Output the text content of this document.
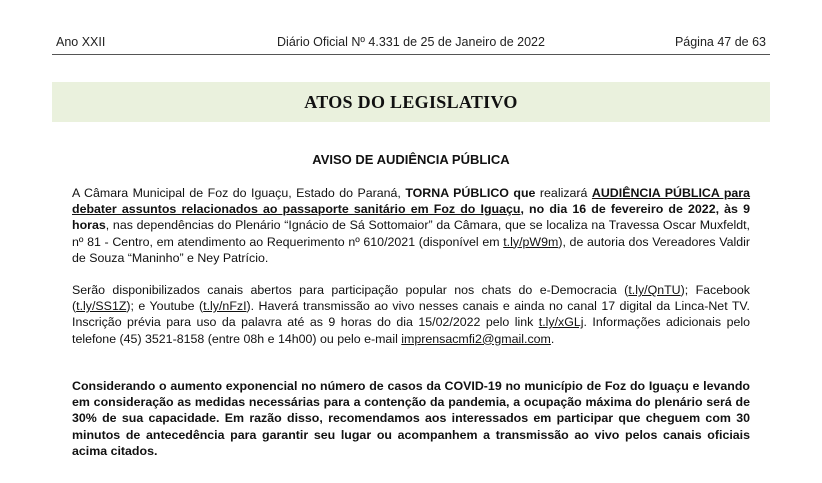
Ano XXII	Diário Oficial Nº 4.331 de 25 de Janeiro de 2022	Página 47 de 63
ATOS DO LEGISLATIVO
AVISO DE AUDIÊNCIA PÚBLICA
A Câmara Municipal de Foz do Iguaçu, Estado do Paraná, TORNA PÚBLICO que realizará AUDIÊNCIA PÚBLICA para debater assuntos relacionados ao passaporte sanitário em Foz do Iguaçu, no dia 16 de fevereiro de 2022, às 9 horas, nas dependências do Plenário “Ignácio de Sá Sottomaior” da Câmara, que se localiza na Travessa Oscar Muxfeldt, nº 81 - Centro, em atendimento ao Requerimento nº 610/2021 (disponível em t.ly/pW9m), de autoria dos Vereadores Valdir de Souza “Maninho” e Ney Patrício.
Serão disponibilizados canais abertos para participação popular nos chats do e-Democracia (t.ly/QnTU); Facebook (t.ly/SS1Z); e Youtube (t.ly/nFzI). Haverá transmissão ao vivo nesses canais e ainda no canal 17 digital da Linca-Net TV. Inscrição prévia para uso da palavra até as 9 horas do dia 15/02/2022 pelo link t.ly/xGLj. Informações adicionais pelo telefone (45) 3521-8158 (entre 08h e 14h00) ou pelo e-mail imprensacmfi2@gmail.com.
Considerando o aumento exponencial no número de casos da COVID-19 no município de Foz do Iguaçu e levando em consideração as medidas necessárias para a contenção da pandemia, a ocupação máxima do plenário será de 30% de sua capacidade. Em razão disso, recomendamos aos interessados em participar que cheguem com 30 minutos de antecedência para garantir seu lugar ou acompanhem a transmissão ao vivo pelos canais oficiais acima citados.
